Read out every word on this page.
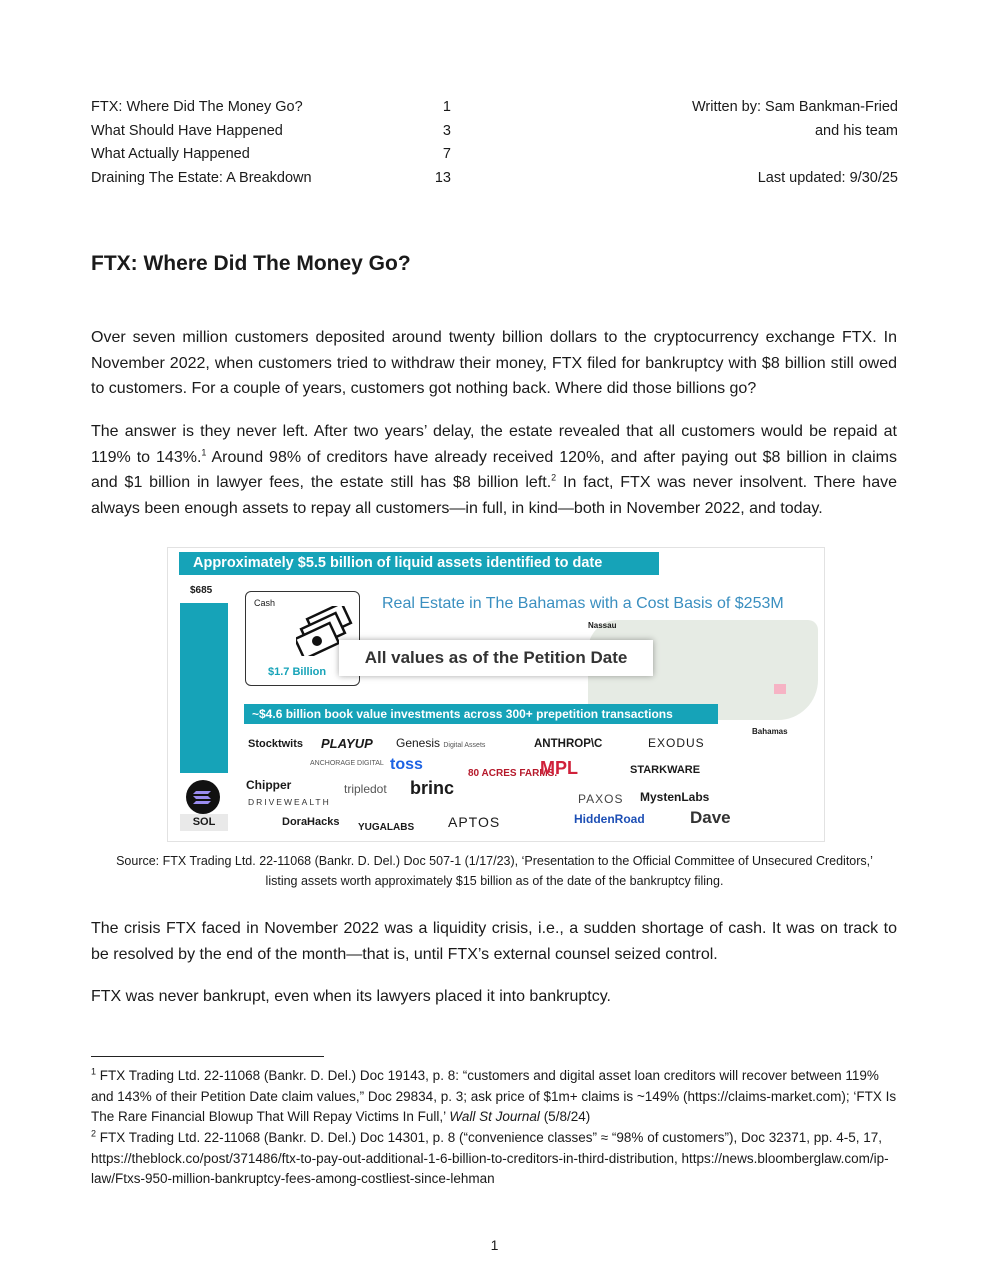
FTX: Where Did The Money Go?	1
What Should Have Happened	3
What Actually Happened	7
Draining The Estate: A Breakdown	13
Written by: Sam Bankman-Fried
and his team
Last updated: 9/30/25
FTX: Where Did The Money Go?
Over seven million customers deposited around twenty billion dollars to the cryptocurrency exchange FTX. In November 2022, when customers tried to withdraw their money, FTX filed for bankruptcy with $8 billion still owed to customers. For a couple of years, customers got nothing back. Where did those billions go?
The answer is they never left. After two years’ delay, the estate revealed that all customers would be repaid at 119% to 143%.$^1$ Around 98% of creditors have already received 120%, and after paying out $8 billion in claims and $1 billion in lawyer fees, the estate still has $8 billion left.$^2$ In fact, FTX was never insolvent. There have always been enough assets to repay all customers—in full, in kind—both in November 2022, and today.
Approximately $5.5 billion of liquid assets identified to date
$685
SOL
Cash
$1.7 Billion
Real Estate in The Bahamas with a Cost Basis of $253M
Nassau
Bahamas
All values as of the Petition Date
~$4.6 billion book value investments across 300+ prepetition transactions
Stocktwits PLAYUP Genesis Digital Assets	ANTHROP\C	EXODUS
ANCHORAGE DIGITAL toss
80 ACRES FARMS.
MPL	STARKWARE
Chipper	tripledot brinc
DRIVEWEALTH	PAXOS MystenLabs
DoraHacks YUGALABS APTOS	HiddenRoad	Dave
Source: FTX Trading Ltd. 22-11068 (Bankr. D. Del.) Doc 507-1 (1/17/23), ‘Presentation to the Official Committee of Unsecured Creditors,’ listing assets worth approximately $15 billion as of the date of the bankruptcy filing.
The crisis FTX faced in November 2022 was a liquidity crisis, i.e., a sudden shortage of cash. It was on track to be resolved by the end of the month—that is, until FTX’s external counsel seized control.
FTX was never bankrupt, even when its lawyers placed it into bankruptcy.
$^1$ FTX Trading Ltd. 22-11068 (Bankr. D. Del.) Doc 19143, p. 8: “customers and digital asset loan creditors will recover between 119% and 143% of their Petition Date claim values,” Doc 29834, p. 3; ask price of $1m+ claims is ~149% (https://claims-market.com); ‘FTX Is The Rare Financial Blowup That Will Repay Victims In Full,’ Wall St Journal (5/8/24)
$^2$ FTX Trading Ltd. 22-11068 (Bankr. D. Del.) Doc 14301, p. 8 (“convenience classes” ≈ “98% of customers”), Doc 32371, pp. 4-5, 17, https://theblock.co/post/371486/ftx-to-pay-out-additional-1-6-billion-to-creditors-in-third-distribution, https://news.bloomberglaw.com/ip-law/Ftxs-950-million-bankruptcy-fees-among-costliest-since-lehman
1
